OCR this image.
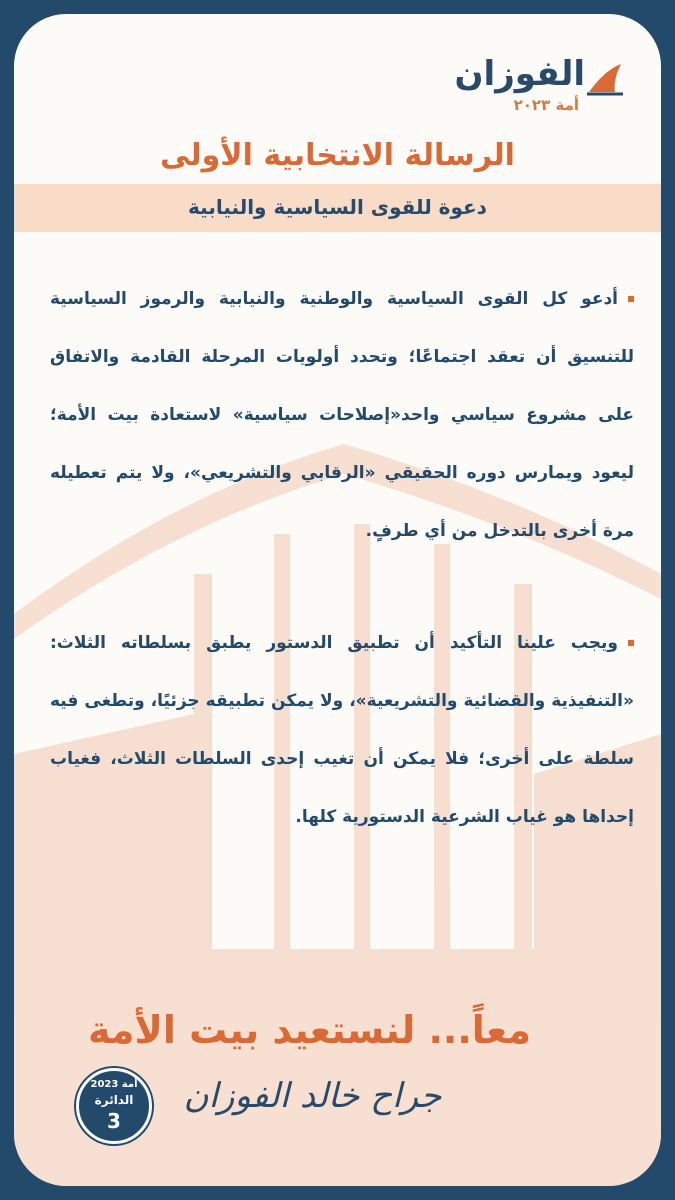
الفوزان
أمة ٢٠٢٣
الرسالة الانتخابية الأولى
دعوة للقوى السياسية والنيابية
أدعو كل القوى السياسية والوطنية والنيابية والرموز السياسية للتنسيق أن تعقد اجتماعًا؛ وتحدد أولويات المرحلة القادمة والاتفاق على مشروع سياسي واحد«إصلاحات سياسية» لاستعادة بيت الأمة؛ ليعود ويمارس دوره الحقيقي «الرقابي والتشريعي»، ولا يتم تعطيله مرة أخرى بالتدخل من أي طرفٍ.
ويجب علينا التأكيد أن تطبيق الدستور يطبق بسلطاته الثلاث: «التنفيذية والقضائية والتشريعية»، ولا يمكن تطبيقه جزئيًا، وتطغى فيه سلطة على أخرى؛ فلا يمكن أن تغيب إحدى السلطات الثلاث، فغياب إحداها هو غياب الشرعية الدستورية كلها.
معاً... لنستعيد بيت الأمة
جراح خالد الفوزان
أمة 2023
الدائرة
3
